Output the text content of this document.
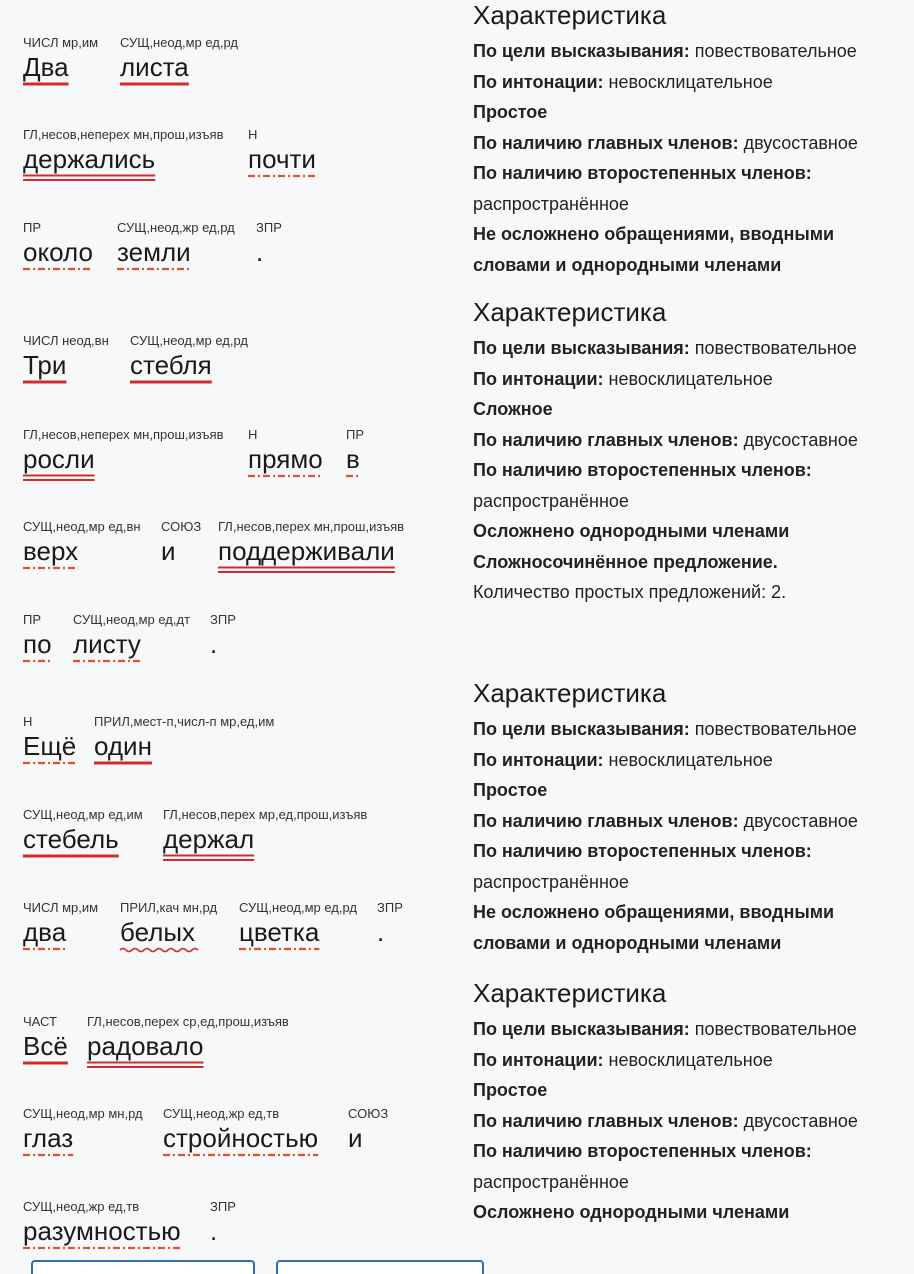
ЧИСЛ мр,им
Два
СУЩ,неод,мр ед,рд
листа
ГЛ,несов,неперех мн,прош,изъяв
держались
Н
почти
ПР
около
СУЩ,неод,жр ед,рд
земли
ЗПР
.
ЧИСЛ неод,вн
Три
СУЩ,неод,мр ед,рд
стебля
ГЛ,несов,неперех мн,прош,изъяв
росли
Н
прямо
ПР
в
СУЩ,неод,мр ед,вн
верх
СОЮЗ
и
ГЛ,несов,перех мн,прош,изъяв
поддерживали
ПР
по
СУЩ,неод,мр ед,дт
листу
ЗПР
.
Н
Ещё
ПРИЛ,мест-п,числ-п мр,ед,им
один
СУЩ,неод,мр ед,им
стебель
ГЛ,несов,перех мр,ед,прош,изъяв
держал
ЧИСЛ мр,им
два
ПРИЛ,кач мн,рд
белых
СУЩ,неод,мр ед,рд
цветка
ЗПР
.
ЧАСТ
Всё
ГЛ,несов,перех ср,ед,прош,изъяв
радовало
СУЩ,неод,мр мн,рд
глаз
СУЩ,неод,жр ед,тв
стройностью
СОЮЗ
и
СУЩ,неод,жр ед,тв
разумностью
ЗПР
.
Характеристика
По цели высказывания: повествовательное
По интонации: невосклицательное
Простое
По наличию главных членов: двусоставное
По наличию второстепенных членов:
распространённое
Не осложнено обращениями, вводными
словами и однородными членами
Характеристика
По цели высказывания: повествовательное
По интонации: невосклицательное
Сложное
По наличию главных членов: двусоставное
По наличию второстепенных членов:
распространённое
Осложнено однородными членами
Сложносочинённое предложение.
Количество простых предложений: 2.
Характеристика
По цели высказывания: повествовательное
По интонации: невосклицательное
Простое
По наличию главных членов: двусоставное
По наличию второстепенных членов:
распространённое
Не осложнено обращениями, вводными
словами и однородными членами
Характеристика
По цели высказывания: повествовательное
По интонации: невосклицательное
Простое
По наличию главных членов: двусоставное
По наличию второстепенных членов:
распространённое
Осложнено однородными членами
